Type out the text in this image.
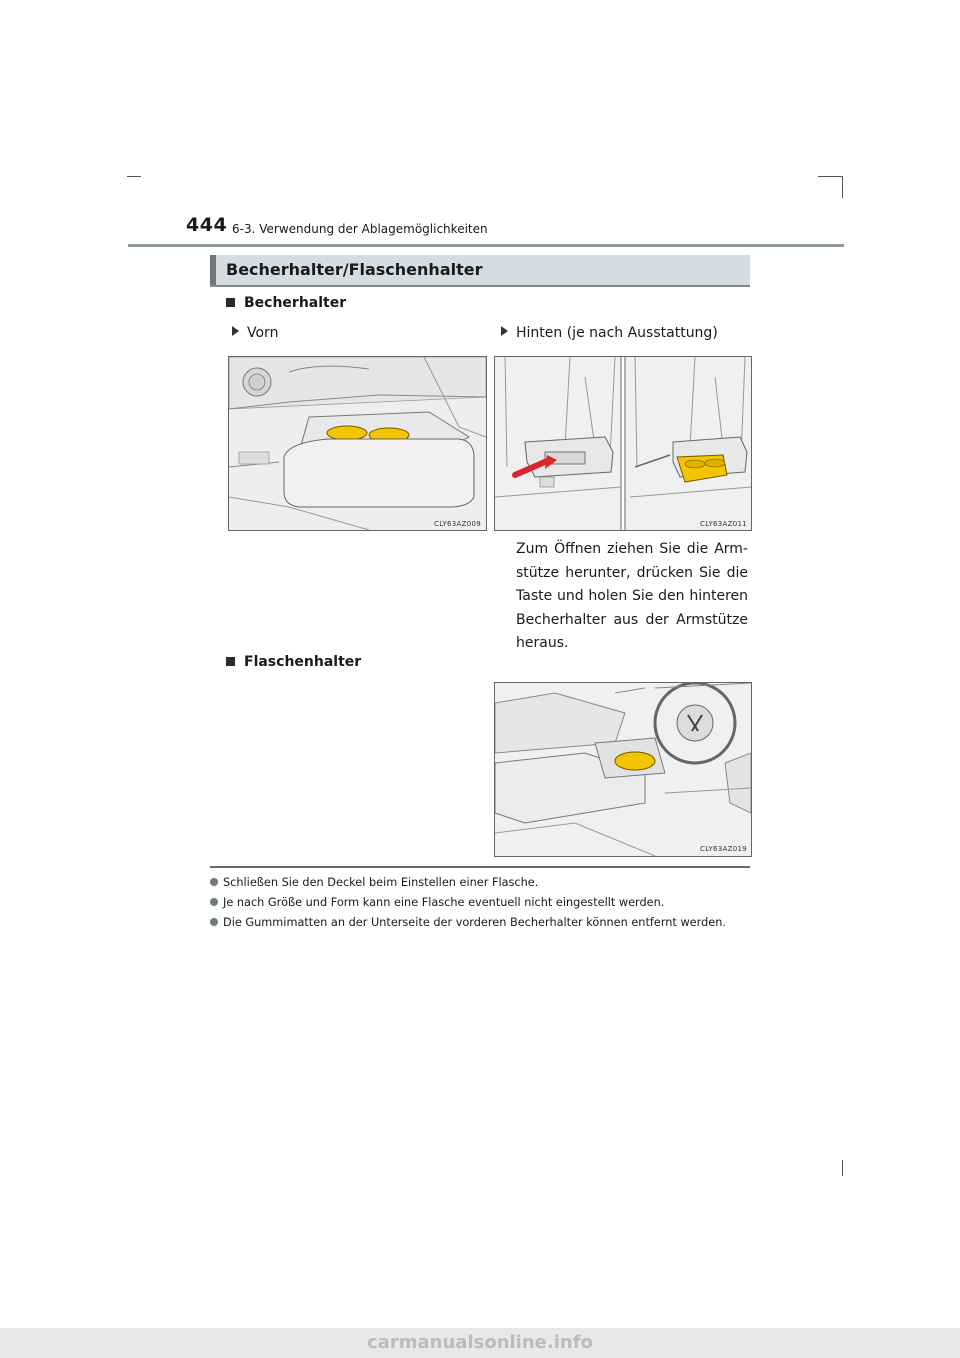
444 6-3. Verwendung der Ablagemöglichkeiten
Becherhalter/Flaschenhalter
Becherhalter
Vorn	Hinten (je nach Ausstattung)
CLY63AZ009	CLY63AZ011
Zum Öffnen ziehen Sie die Arm-stütze herunter, drücken Sie die Taste und holen Sie den hinteren Becherhalter aus der Armstütze heraus.
Flaschenhalter
CLY63AZ019
Schließen Sie den Deckel beim Einstellen einer Flasche.
Je nach Größe und Form kann eine Flasche eventuell nicht eingestellt werden.
Die Gummimatten an der Unterseite der vorderen Becherhalter können entfernt werden.
carmanualsonline.info
